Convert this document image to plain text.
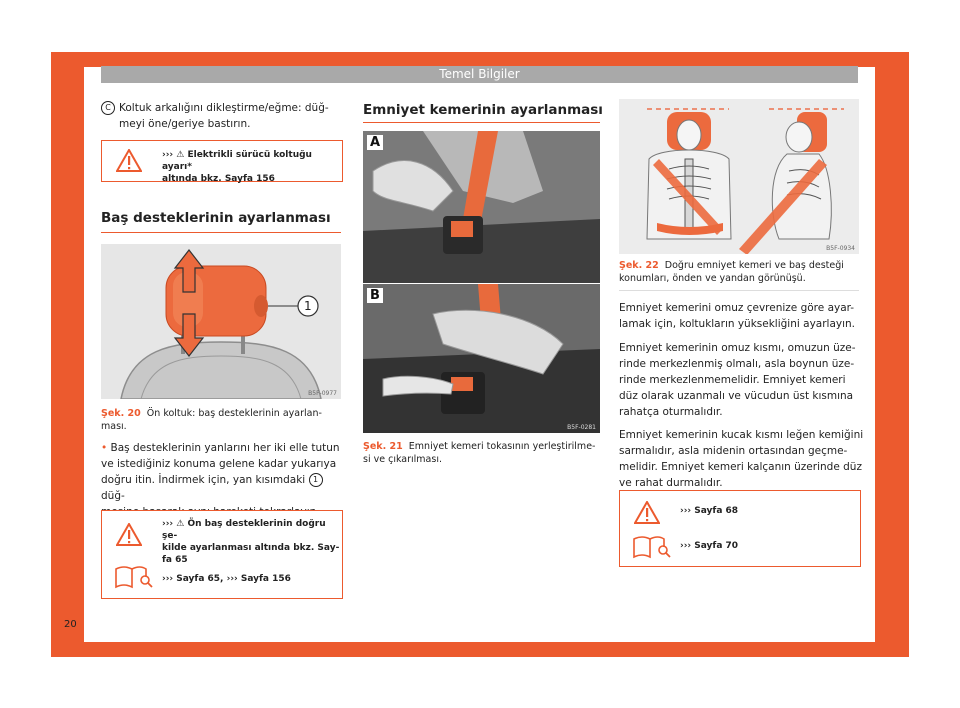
Temel Bilgiler
20
C Koltuk arkalığını dikleştirme/eğme: düğ-
meyi öne/geriye bastırın.
››› ⚠ Elektrikli sürücü koltuğu ayarı*
altında bkz. Sayfa 156
Baş desteklerinin ayarlanması
1
B5F-0977
Şek. 20 Ön koltuk: baş desteklerinin ayarlan-
ması.
• Baş desteklerinin yanlarını her iki elle tutun
ve istediğiniz konuma gelene kadar yukarıya
doğru itin. İndirmek için, yan kısımdaki 1 düğ-

››› ⚠ Ön baş desteklerinin doğru şe-
kilde ayarlanması altında bkz. Say-
fa 65
››› Sayfa 65, ››› Sayfa 156
Emniyet kemerinin ayarlanması
A
B
B5F-0281
Şek. 21 Emniyet kemeri tokasının yerleştirilme-
si ve çıkarılması.
B5F-0934
Şek. 22 Doğru emniyet kemeri ve baş desteği
konumları, önden ve yandan görünüşü.
Emniyet kemerini omuz çevrenize göre ayar-
lamak için, koltukların yüksekliğini ayarlayın.
Emniyet kemerinin omuz kısmı, omuzun üze-
rinde merkezlenmiş olmalı, asla boynun üze-
rinde merkezlenmemelidir. Emniyet kemeri
düz olarak uzanmalı ve vücudun üst kısmına
rahatça oturmalıdır.
Emniyet kemerinin kucak kısmı leğen kemiğini
sarmalıdır, asla midenin ortasından geçme-
melidir. Emniyet kemeri kalçanın üzerinde düz
ve rahat durmalıdır.
››› Sayfa 68
››› Sayfa 70
